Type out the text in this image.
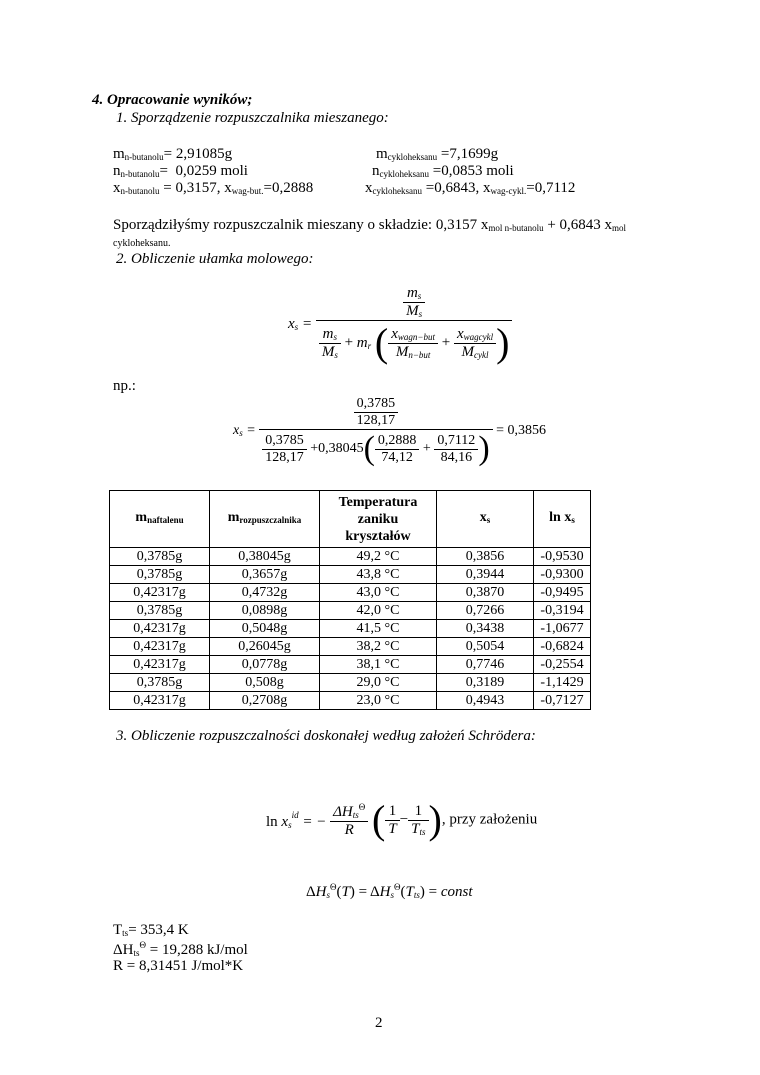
4. Opracowanie wyników;
1. Sporządzenie rozpuszczalnika mieszanego:
$m_{n-butanolu}= 2,91085g$	$m_{cykloheksanu} =7,1699g$
$n_{n-butanolu}= 0,0259$ moli	$n_{cykloheksanu} =0,0853$ moli
$x_{n-butanolu} = 0,3157$, $x_{wag-but.}=0,2888$	$x_{cykloheksanu} =0,6843$, $x_{wag-cykl.}=0,7112$
Sporządziłyśmy rozpuszczalnik mieszany o składzie: 0,3157 $x_{mol n-butanolu} + 0,6843$ $x_{mol}$
cykloheksanu.
2. Obliczenie ułamka molowego:
$x_s$ =
$\frac{m_s}{M_s}$
$\frac{m_s}{M_s} + m_r$ ( $\frac{x_{wagn-but}}{M_{n-but}} + \frac{x_{wagcykl}}{M_{cykl}}$ )
np.:
$x_s$ =
$\frac{0,3785}{128,17}$
$\frac{0,3785}{128,17} +0,38045( \frac{0,2888}{74,12} + \frac{0,7112}{84,16}$ ) = 0,3856
$m_{naftalenu}$	$m_{rozpuszczalnika}$	Temperatura zaniku kryształów	$x_s$	$\ln x_s$
0,3785g	0,38045g	49,2 °C	0,3856	-0,9530
0,3785g	0,3657g	43,8 °C	0,3944	-0,9300
0,42317g	0,4732g	43,0 °C	0,3870	-0,9495
0,3785g	0,0898g	42,0 °C	0,7266	-0,3194
0,42317g	0,5048g	41,5 °C	0,3438	-1,0677
0,42317g	0,26045g	38,2 °C	0,5054	-0,6824
0,42317g	0,0778g	38,1 °C	0,7746	-0,2554
0,3785g	0,508g	29,0 °C	0,3189	-1,1429
0,42317g	0,2708g	23,0 °C	0,4943	-0,7127
3. Obliczenie rozpuszczalności doskonałej według założeń Schrödera:
$\ln x_s^{id}$ = − $\frac{\Delta H_{ts}^\Theta}{R}$ ( $\frac{1}{T} - \frac{1}{T_{ts}}$ ), przy założeniu
$\Delta H_s^\Theta(T) = \Delta H_s^\Theta(T_{ts})$ = const
$T_{ts}= 353,4$ K
$\Delta H_{ts}^\Theta = 19,288$ kJ/mol
R = 8,31451 J/mol*K
2
